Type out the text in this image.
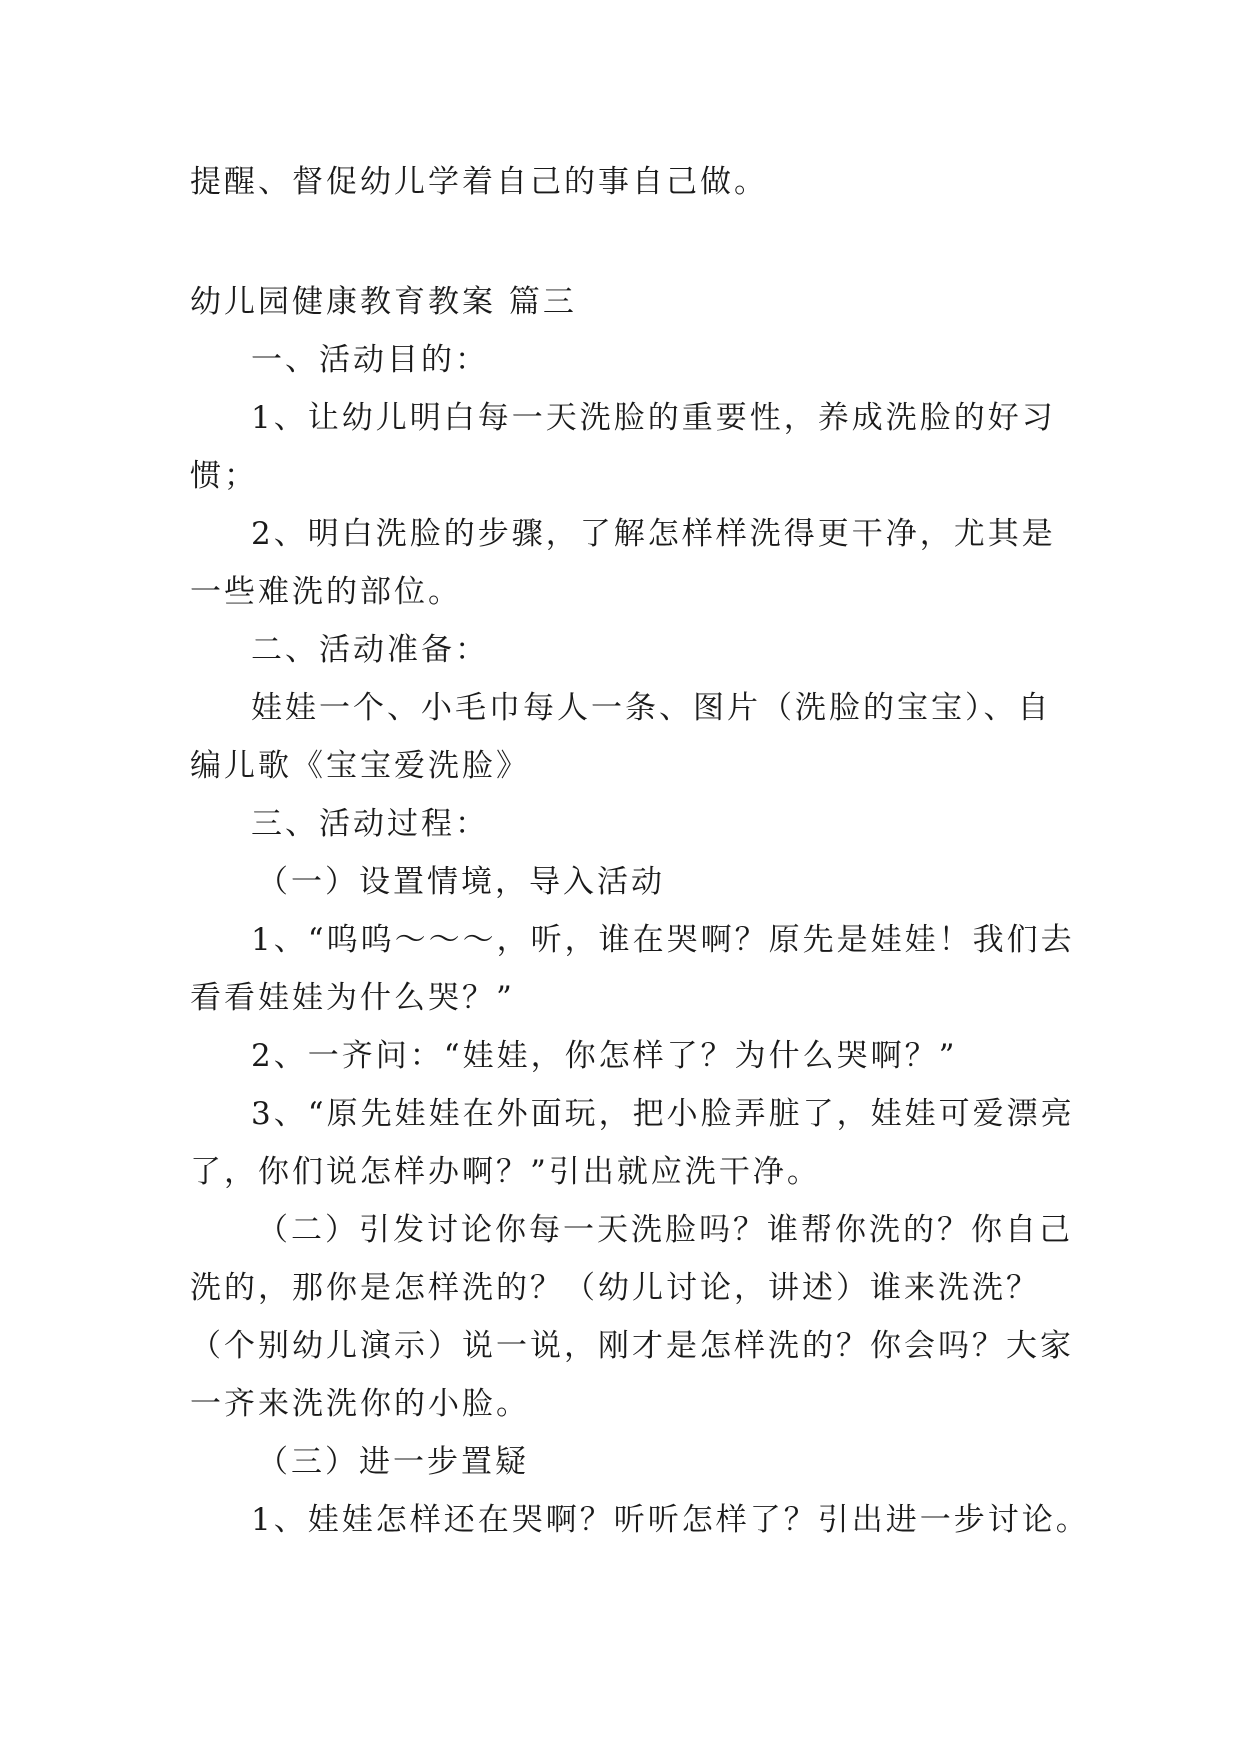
提醒、督促幼儿学着自己的事自己做。
幼儿园健康教育教案 篇三
一、活动目的：
1、让幼儿明白每一天洗脸的重要性，养成洗脸的好习
惯；
2、明白洗脸的步骤，了解怎样样洗得更干净，尤其是
一些难洗的部位。
二、活动准备：
娃娃一个、小毛巾每人一条、图片（洗脸的宝宝）、自
编儿歌《宝宝爱洗脸》
三、活动过程：
（一）设置情境，导入活动
1、“呜呜～～～，听，谁在哭啊？原先是娃娃！我们去
看看娃娃为什么哭？”
2、一齐问：“娃娃，你怎样了？为什么哭啊？”
3、“原先娃娃在外面玩，把小脸弄脏了，娃娃可爱漂亮
了，你们说怎样办啊？”引出就应洗干净。
（二）引发讨论你每一天洗脸吗？谁帮你洗的？你自己
洗的，那你是怎样洗的？（幼儿讨论，讲述）谁来洗洗？
（个别幼儿演示）说一说，刚才是怎样洗的？你会吗？大家
一齐来洗洗你的小脸。
（三）进一步置疑
1、娃娃怎样还在哭啊？听听怎样了？引出进一步讨论。
